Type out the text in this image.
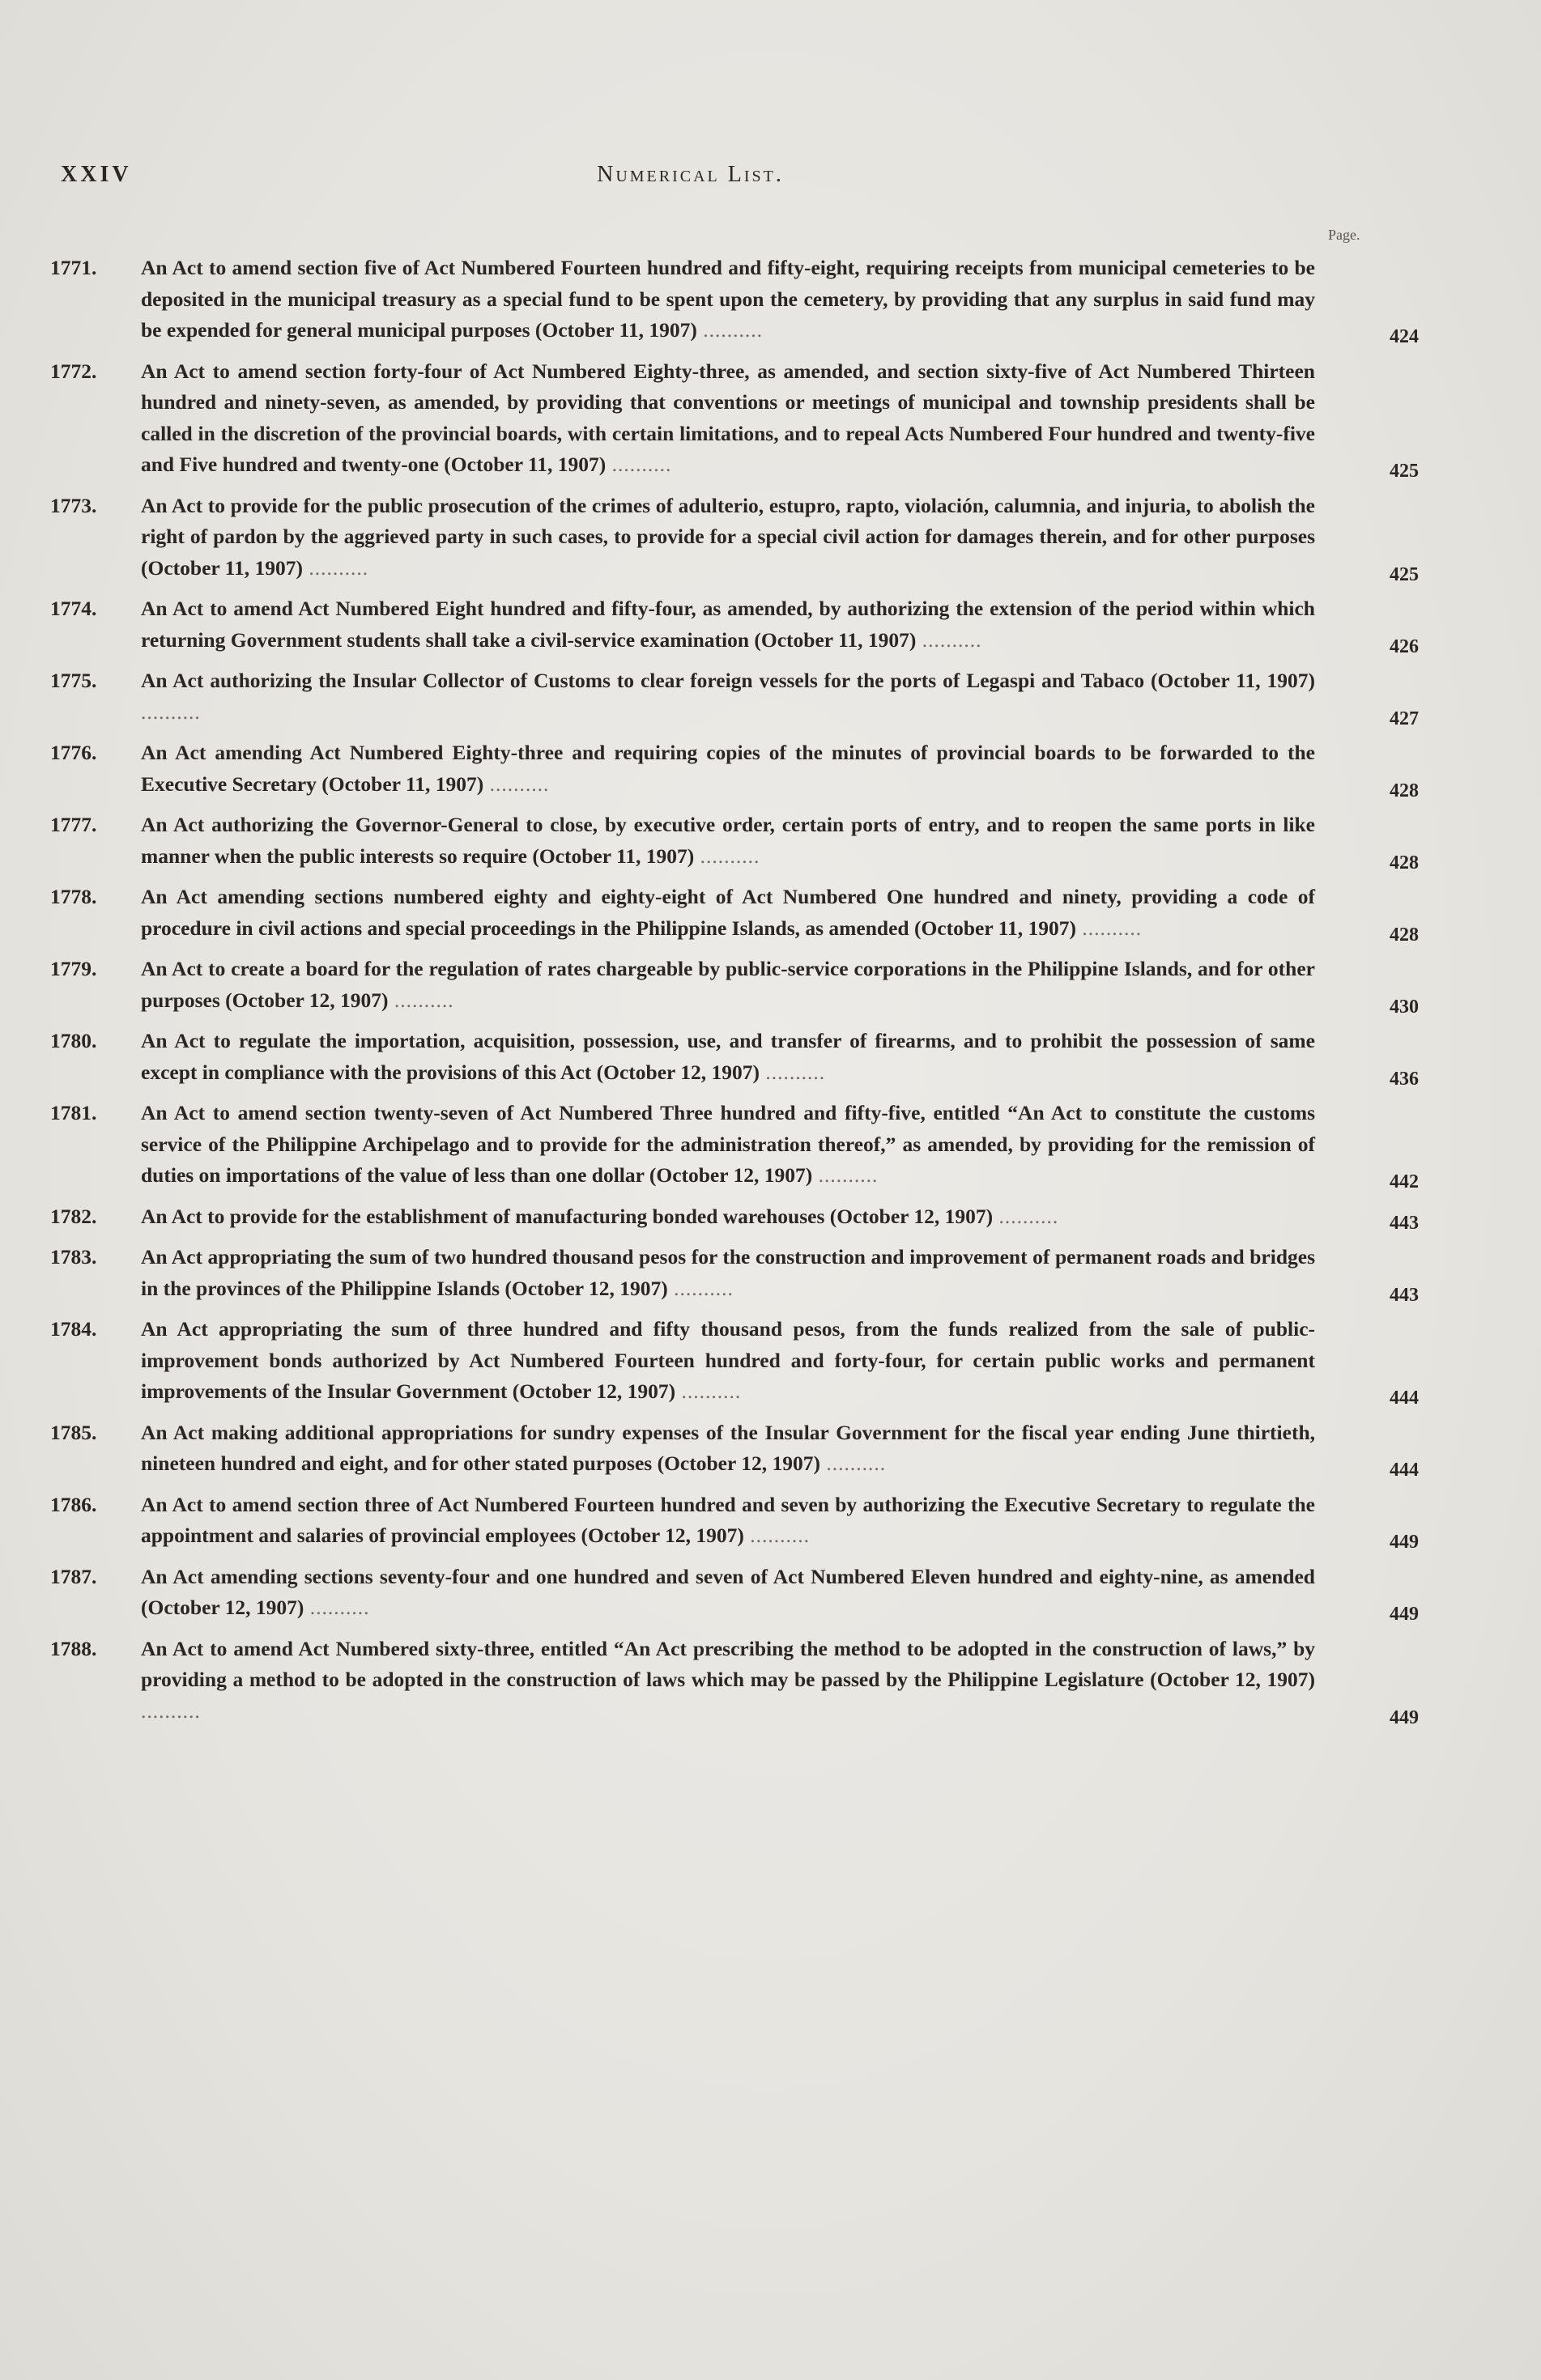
XXIV	Numerical List.
Page.
1771. An Act to amend section five of Act Numbered Fourteen hundred and fifty-eight, requiring receipts from municipal cemeteries to be deposited in the municipal treasury as a special fund to be spent upon the cemetery, by providing that any surplus in said fund may be expended for general municipal purposes (October 11, 1907) ..........	424
1772. An Act to amend section forty-four of Act Numbered Eighty-three, as amended, and section sixty-five of Act Numbered Thirteen hundred and ninety-seven, as amended, by providing that conventions or meetings of municipal and township presidents shall be called in the discretion of the provincial boards, with certain limitations, and to repeal Acts Numbered Four hundred and twenty-five and Five hundred and twenty-one (October 11, 1907) ..........	425
1773. An Act to provide for the public prosecution of the crimes of adulterio, estupro, rapto, violación, calumnia, and injuria, to abolish the right of pardon by the aggrieved party in such cases, to provide for a special civil action for damages therein, and for other purposes (October 11, 1907) ..........	425
1774. An Act to amend Act Numbered Eight hundred and fifty-four, as amended, by authorizing the extension of the period within which returning Government students shall take a civil-service examination (October 11, 1907) ..........	426
1775. An Act authorizing the Insular Collector of Customs to clear foreign vessels for the ports of Legaspi and Tabaco (October 11, 1907) ..........	427
1776. An Act amending Act Numbered Eighty-three and requiring copies of the minutes of provincial boards to be forwarded to the Executive Secretary (October 11, 1907) ..........	428
1777. An Act authorizing the Governor-General to close, by executive order, certain ports of entry, and to reopen the same ports in like manner when the public interests so require (October 11, 1907) ..........	428
1778. An Act amending sections numbered eighty and eighty-eight of Act Numbered One hundred and ninety, providing a code of procedure in civil actions and special proceedings in the Philippine Islands, as amended (October 11, 1907) ..........	428
1779. An Act to create a board for the regulation of rates chargeable by public-service corporations in the Philippine Islands, and for other purposes (October 12, 1907) ..........	430
1780. An Act to regulate the importation, acquisition, possession, use, and transfer of firearms, and to prohibit the possession of same except in compliance with the provisions of this Act (October 12, 1907) ..........	436
1781. An Act to amend section twenty-seven of Act Numbered Three hundred and fifty-five, entitled “An Act to constitute the customs service of the Philippine Archipelago and to provide for the administration thereof,” as amended, by providing for the remission of duties on importations of the value of less than one dollar (October 12, 1907) ..........	442
1782. An Act to provide for the establishment of manufacturing bonded warehouses (October 12, 1907) ..........	443
1783. An Act appropriating the sum of two hundred thousand pesos for the construction and improvement of permanent roads and bridges in the provinces of the Philippine Islands (October 12, 1907) ..........	443
1784. An Act appropriating the sum of three hundred and fifty thousand pesos, from the funds realized from the sale of public-improvement bonds authorized by Act Numbered Fourteen hundred and forty-four, for certain public works and permanent improvements of the Insular Government (October 12, 1907) ..........	444
1785. An Act making additional appropriations for sundry expenses of the Insular Government for the fiscal year ending June thirtieth, nineteen hundred and eight, and for other stated purposes (October 12, 1907) ..........	444
1786. An Act to amend section three of Act Numbered Fourteen hundred and seven by authorizing the Executive Secretary to regulate the appointment and salaries of provincial employees (October 12, 1907) ..........	449
1787. An Act amending sections seventy-four and one hundred and seven of Act Numbered Eleven hundred and eighty-nine, as amended (October 12, 1907) ..........	449
1788. An Act to amend Act Numbered sixty-three, entitled “An Act prescribing the method to be adopted in the construction of laws,” by providing a method to be adopted in the construction of laws which may be passed by the Philippine Legislature (October 12, 1907) ..........	449
